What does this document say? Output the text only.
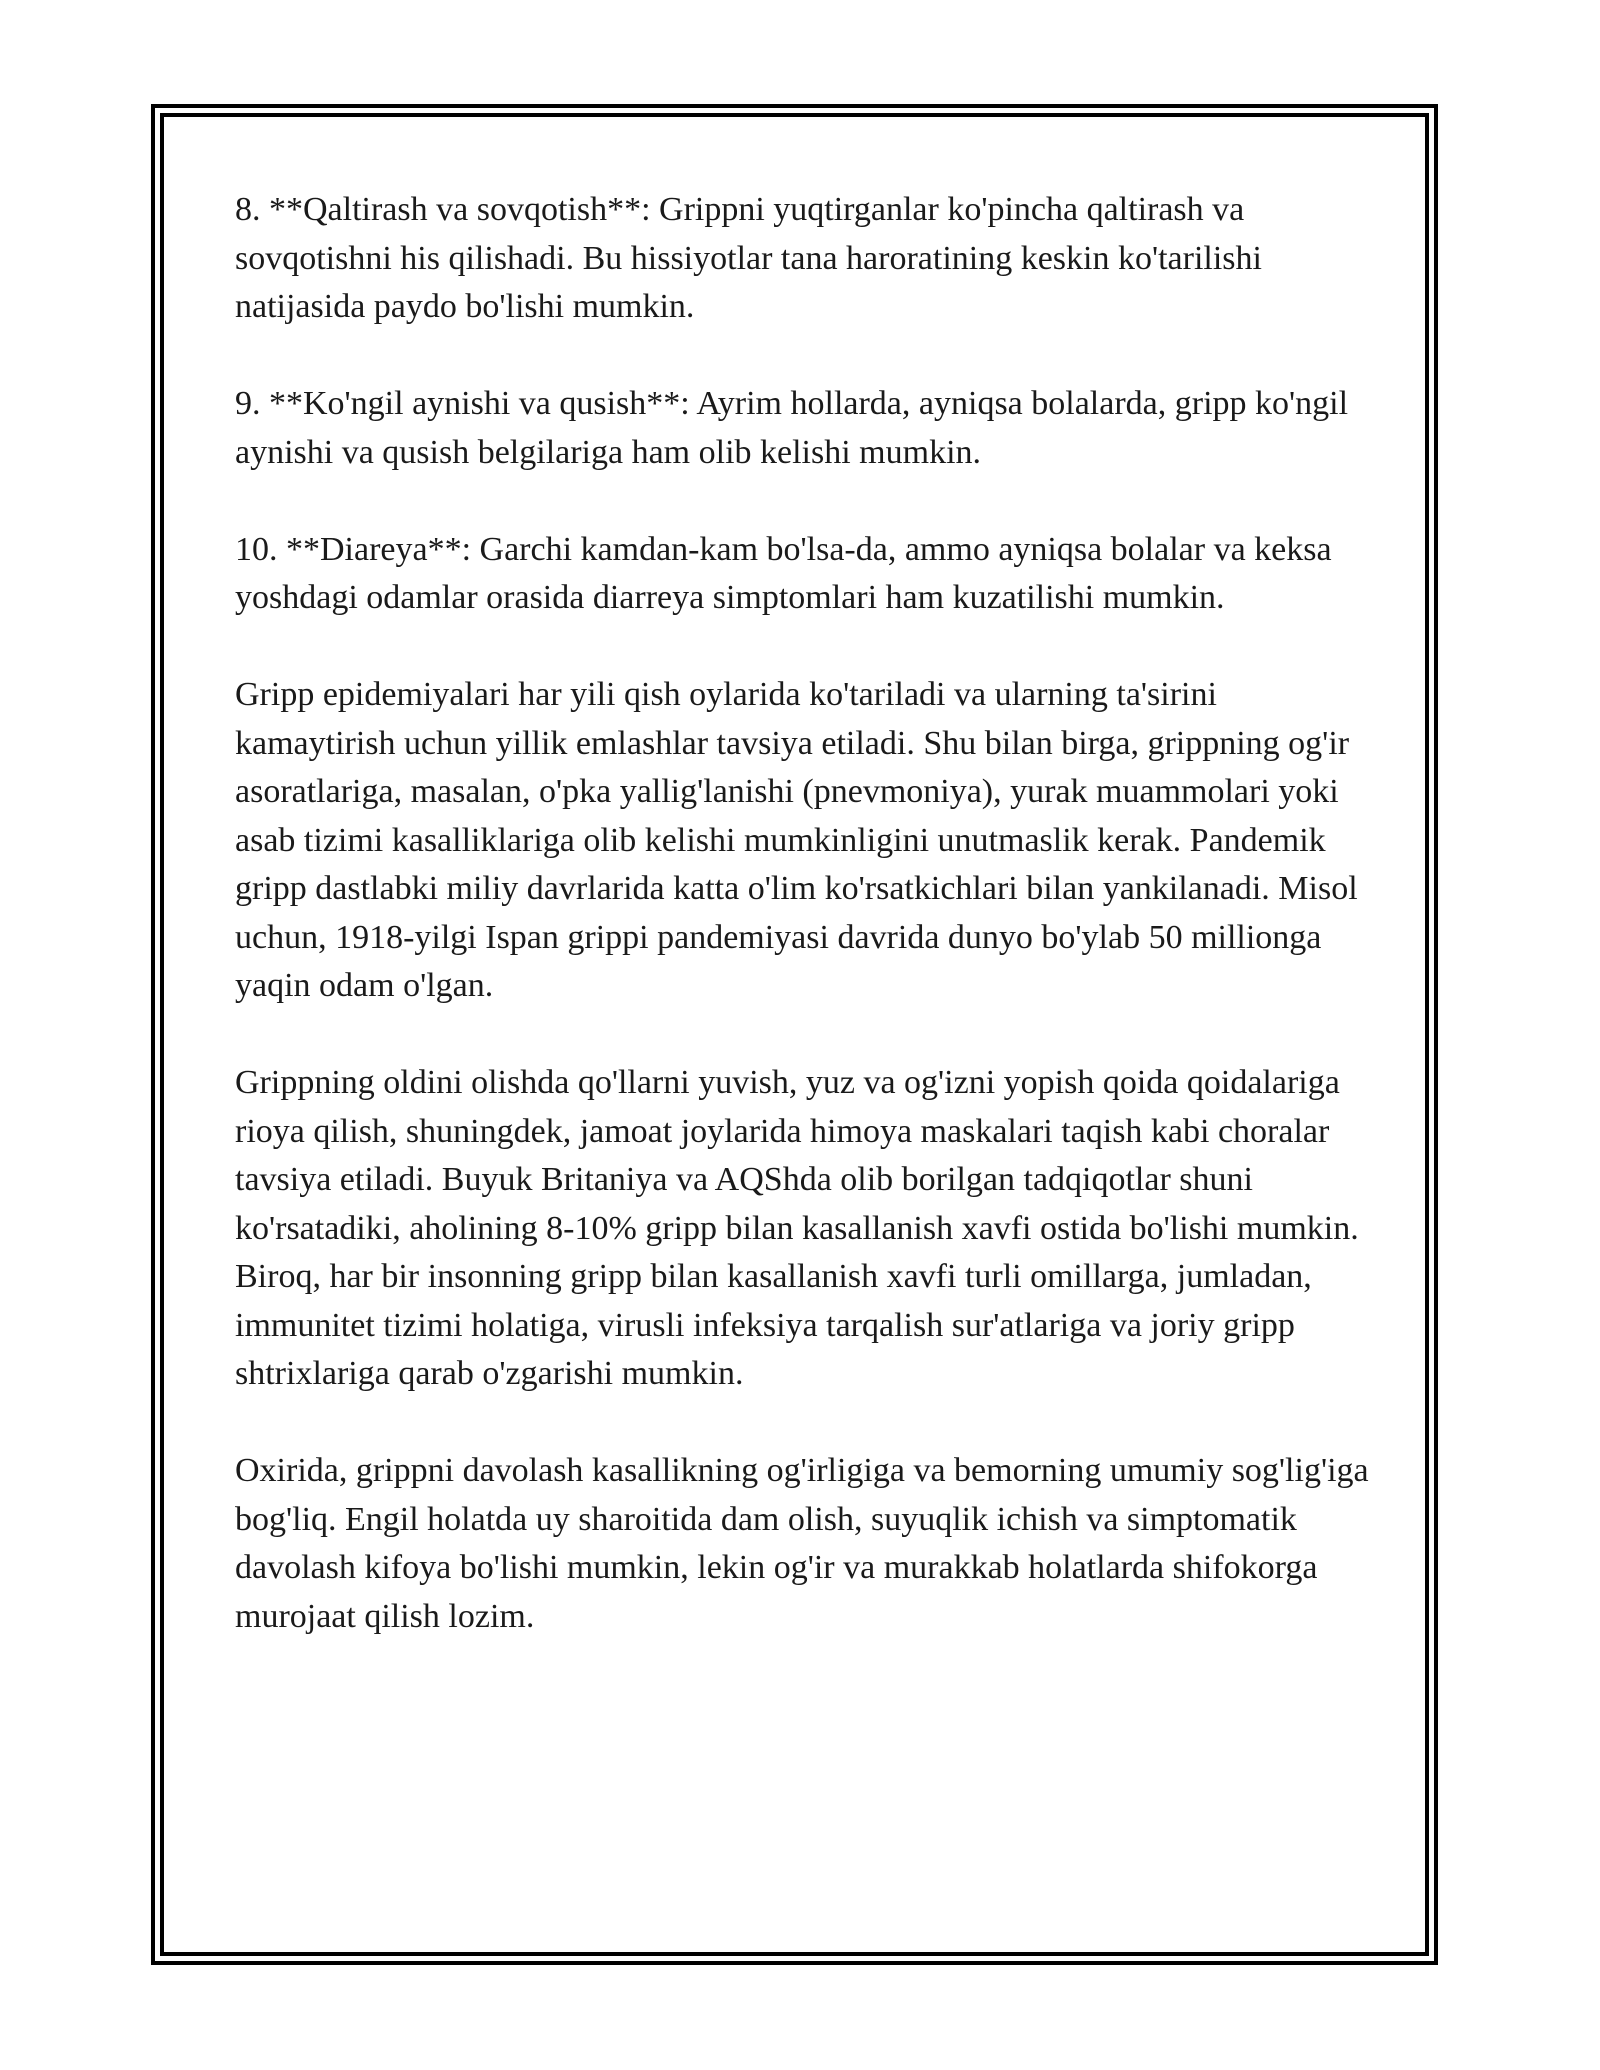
8. **Qaltirash va sovqotish**: Grippni yuqtirganlar ko'pincha qaltirash va sovqotishni his qilishadi. Bu hissiyotlar tana haroratining keskin ko'tarilishi natijasida paydo bo'lishi mumkin.

9. **Ko'ngil aynishi va qusish**: Ayrim hollarda, ayniqsa bolalarda, gripp ko'ngil aynishi va qusish belgilariga ham olib kelishi mumkin.

10. **Diareya**: Garchi kamdan-kam bo'lsa-da, ammo ayniqsa bolalar va keksa yoshdagi odamlar orasida diarreya simptomlari ham kuzatilishi mumkin.

Gripp epidemiyalari har yili qish oylarida ko'tariladi va ularning ta'sirini kamaytirish uchun yillik emlashlar tavsiya etiladi. Shu bilan birga, grippning og'ir asoratlariga, masalan, o'pka yallig'lanishi (pnevmoniya), yurak muammolari yoki asab tizimi kasalliklariga olib kelishi mumkinligini unutmaslik kerak. Pandemik gripp dastlabki miliy davrlarida katta o'lim ko'rsatkichlari bilan yankilanadi. Misol uchun, 1918-yilgi Ispan grippi pandemiyasi davrida dunyo bo'ylab 50 millionga yaqin odam o'lgan.

Grippning oldini olishda qo'llarni yuvish, yuz va og'izni yopish qoida qoidalariga rioya qilish, shuningdek, jamoat joylarida himoya maskalari taqish kabi choralar tavsiya etiladi. Buyuk Britaniya va AQShda olib borilgan tadqiqotlar shuni ko'rsatadiki, aholining 8-10% gripp bilan kasallanish xavfi ostida bo'lishi mumkin. Biroq, har bir insonning gripp bilan kasallanish xavfi turli omillarga, jumladan, immunitet tizimi holatiga, virusli infeksiya tarqalish sur'atlariga va joriy gripp shtrixlariga qarab o'zgarishi mumkin.

Oxirida, grippni davolash kasallikning og'irligiga va bemorning umumiy sog'lig'iga bog'liq. Engil holatda uy sharoitida dam olish, suyuqlik ichish va simptomatik davolash kifoya bo'lishi mumkin, lekin og'ir va murakkab holatlarda shifokorga murojaat qilish lozim.
